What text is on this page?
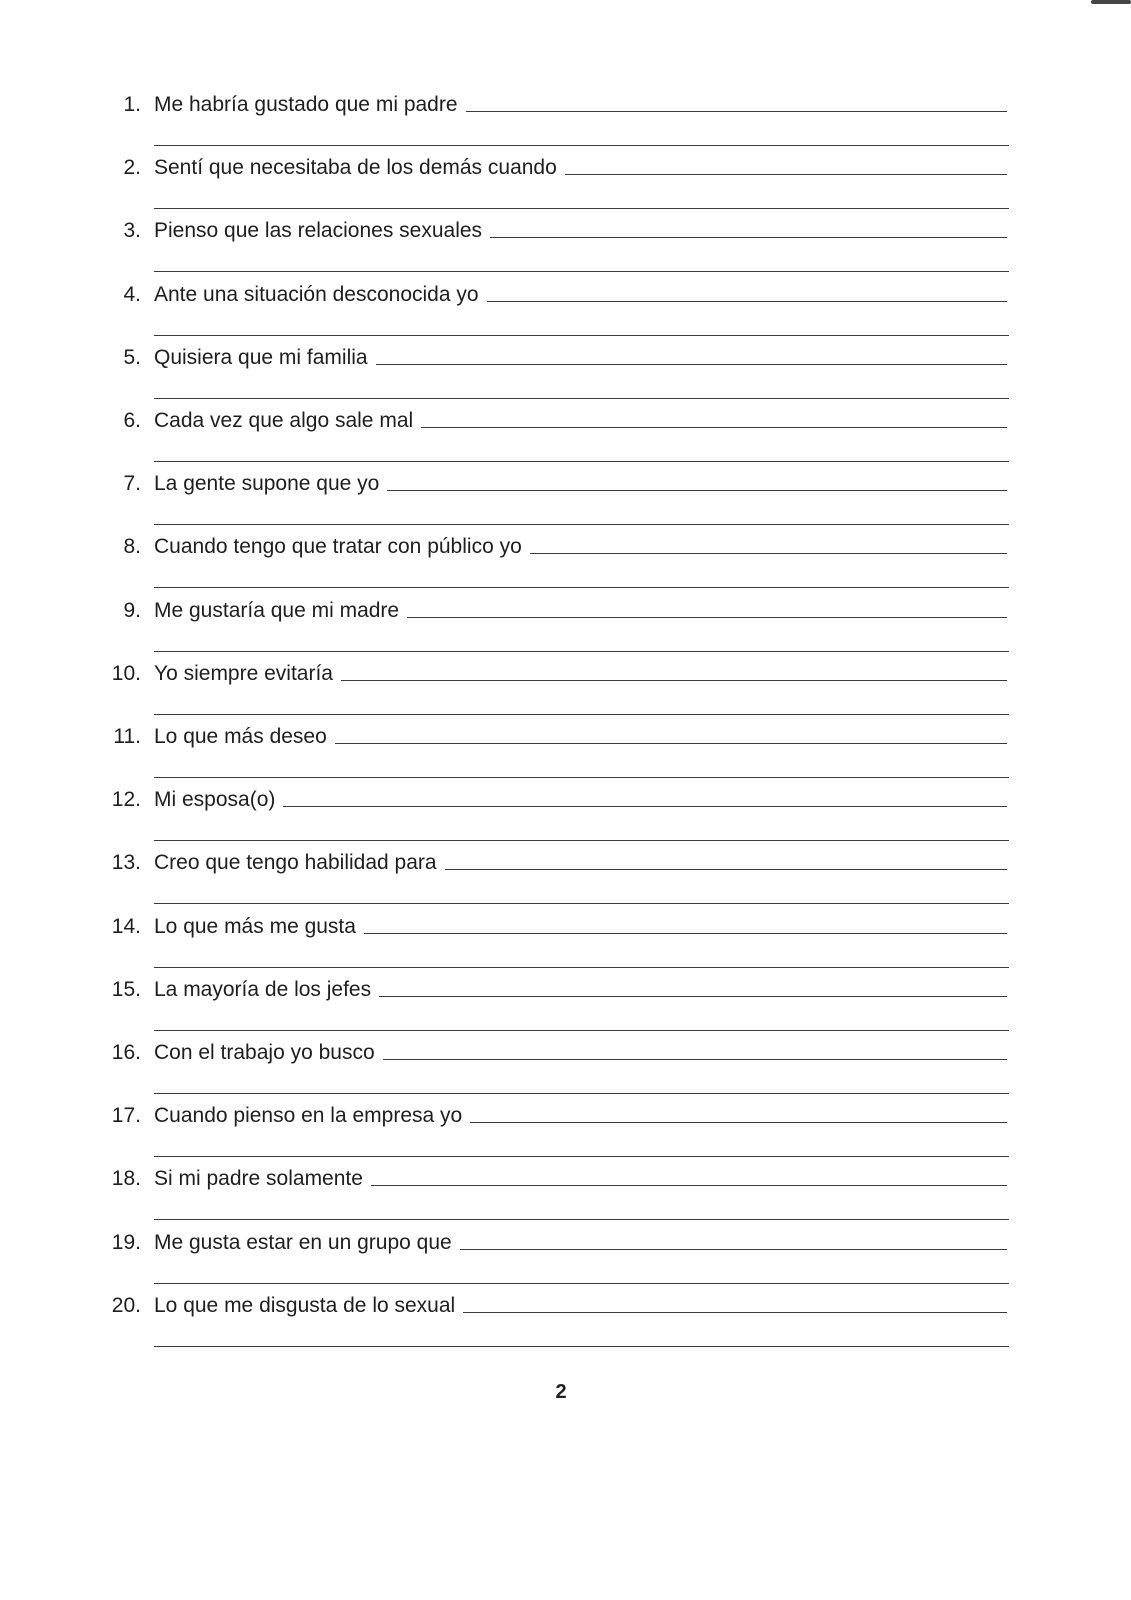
1. Me habría gustado que mi padre
2. Sentí que necesitaba de los demás cuando
3. Pienso que las relaciones sexuales
4. Ante una situación desconocida yo
5. Quisiera que mi familia
6. Cada vez que algo sale mal
7. La gente supone que yo
8. Cuando tengo que tratar con público yo
9. Me gustaría que mi madre
10. Yo siempre evitaría
11. Lo que más deseo
12. Mi esposa(o)
13. Creo que tengo habilidad para
14. Lo que más me gusta
15. La mayoría de los jefes
16. Con el trabajo yo busco
17. Cuando pienso en la empresa yo
18. Si mi padre solamente
19. Me gusta estar en un grupo que
20. Lo que me disgusta de lo sexual
2
